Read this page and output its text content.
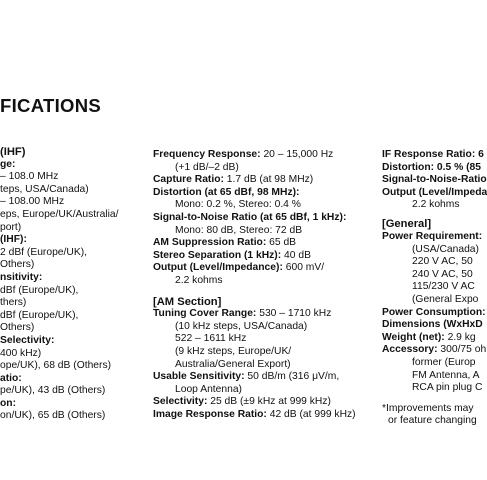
FICATIONS
(IHF)
ge:
– 108.0 MHz
teps, USA/Canada)
– 108.00 MHz
eps, Europe/UK/Australia/
port)
(IHF):
2 dBf (Europe/UK),
Others)
nsitivity:
dBf (Europe/UK),
thers)
dBf (Europe/UK),
Others)
Selectivity:
400 kHz)
ope/UK), 68 dB (Others)
atio:
pe/UK), 43 dB (Others)
on:
on/UK), 65 dB (Others)
Frequency Response: 20 – 15,000 Hz
(+1 dB/–2 dB)
Capture Ratio: 1.7 dB (at 98 MHz)
Distortion (at 65 dBf, 98 MHz):
Mono: 0.2 %, Stereo: 0.4 %
Signal-to-Noise Ratio (at 65 dBf, 1 kHz):
Mono: 80 dB, Stereo: 72 dB
AM Suppression Ratio: 65 dB
Stereo Separation (1 kHz): 40 dB
Output (Level/Impedance): 600 mV/
2.2 kohms
[AM Section]
Tuning Cover Range: 530 – 1710 kHz
(10 kHz steps, USA/Canada)
522 – 1611 kHz
(9 kHz steps, Europe/UK/
Australia/General Export)
Usable Sensitivity: 50 dB/m (316 μV/m,
Loop Antenna)
Selectivity: 25 dB (±9 kHz at 999 kHz)
Image Response Ratio: 42 dB (at 999 kHz)
IF Response Ratio: 6
Distortion: 0.5 % (85
Signal-to-Noise-Ratio
Output (Level/Impeda
2.2 kohms
[General]
Power Requirement:
(USA/Canada)
220 V AC, 50
240 V AC, 50
115/230 V AC
(General Expo
Power Consumption:
Dimensions (WxHxD
Weight (net): 2.9 kg
Accessory: 300/75 oh
former (Europ
FM Antenna, A
RCA pin plug C
*Improvements may
or feature changing
